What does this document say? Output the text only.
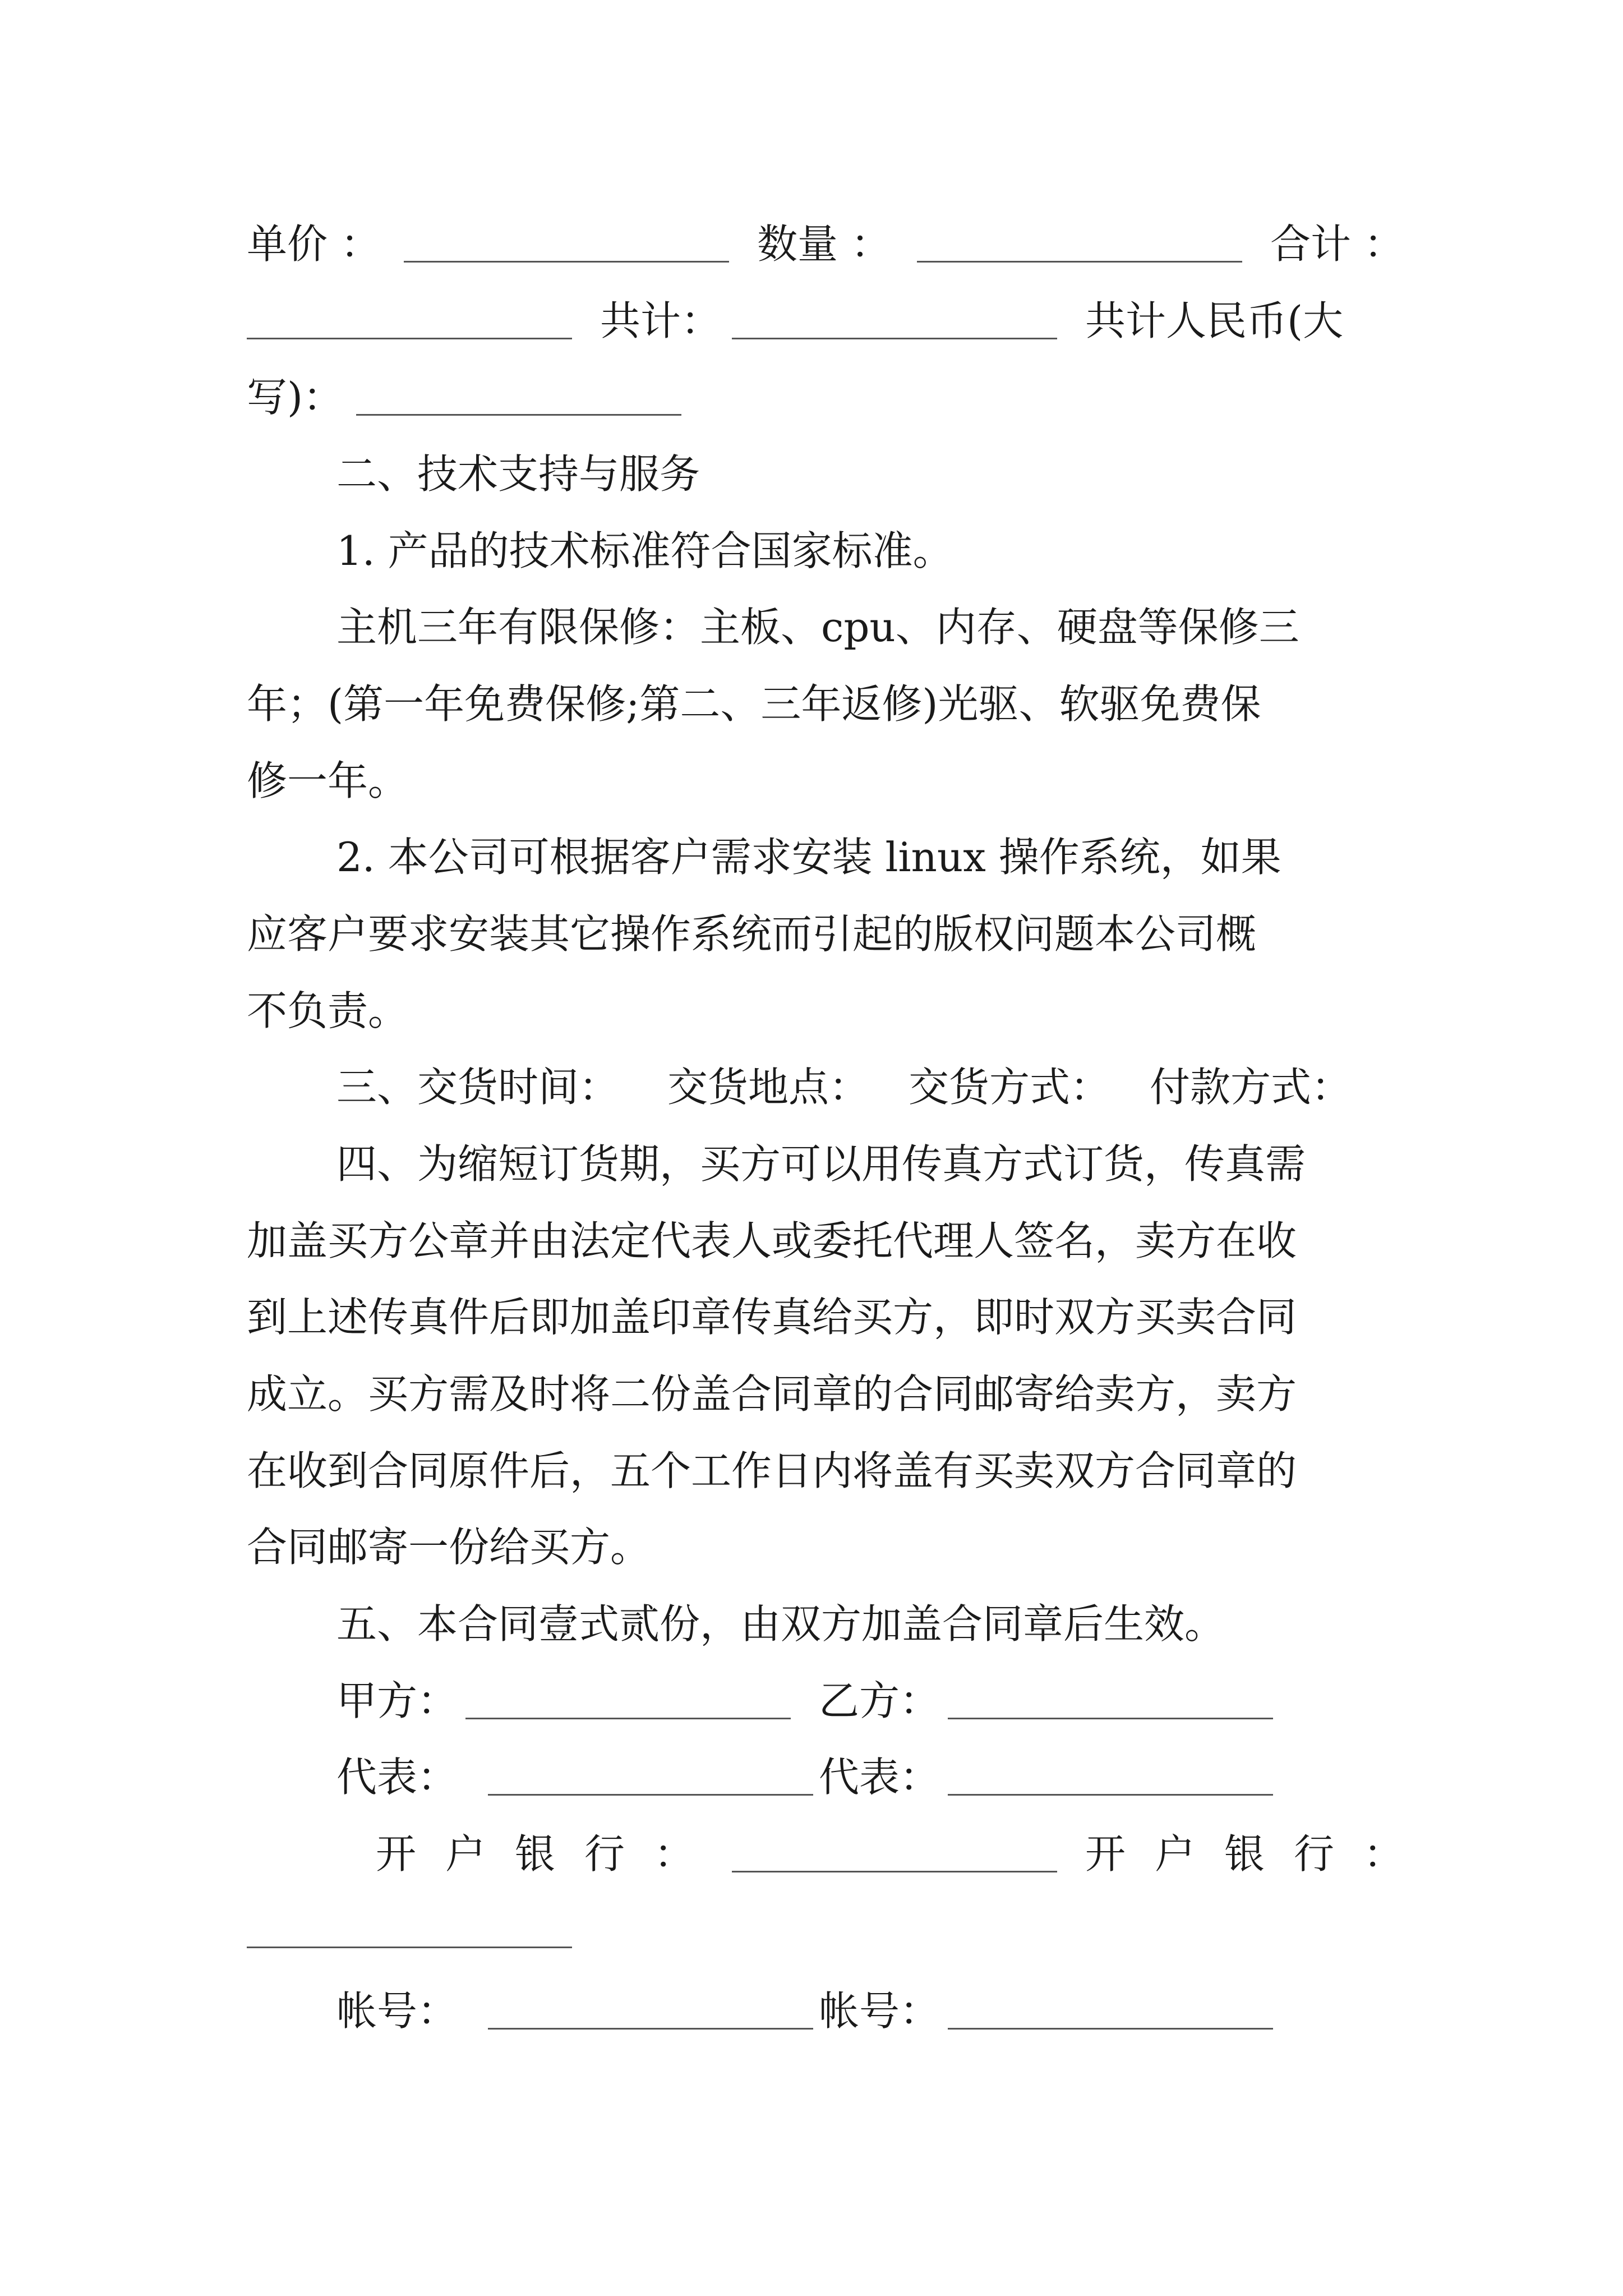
单价 ：	数量 ：	合计 ：
共计：	共计人民币(大
写)：
二、技术支持与服务
1. 产品的技术标准符合国家标准。
主机三年有限保修：主板、cpu、内存、硬盘等保修三
年；(第一年免费保修;第二、三年返修)光驱、软驱免费保
修一年。
2. 本公司可根据客户需求安装 linux 操作系统，如果
应客户要求安装其它操作系统而引起的版权问题本公司概
不负责。
三、交货时间： 交货地点： 交货方式： 付款方式：
四、为缩短订货期，买方可以用传真方式订货，传真需
加盖买方公章并由法定代表人或委托代理人签名，卖方在收
到上述传真件后即加盖印章传真给买方，即时双方买卖合同
成立。买方需及时将二份盖合同章的合同邮寄给卖方，卖方
在收到合同原件后，五个工作日内将盖有买卖双方合同章的
合同邮寄一份给买方。
五、本合同壹式贰份，由双方加盖合同章后生效。
甲方：	乙方：
代表：	代表：
开户银行：	开户银行：
帐号：	帐号：
